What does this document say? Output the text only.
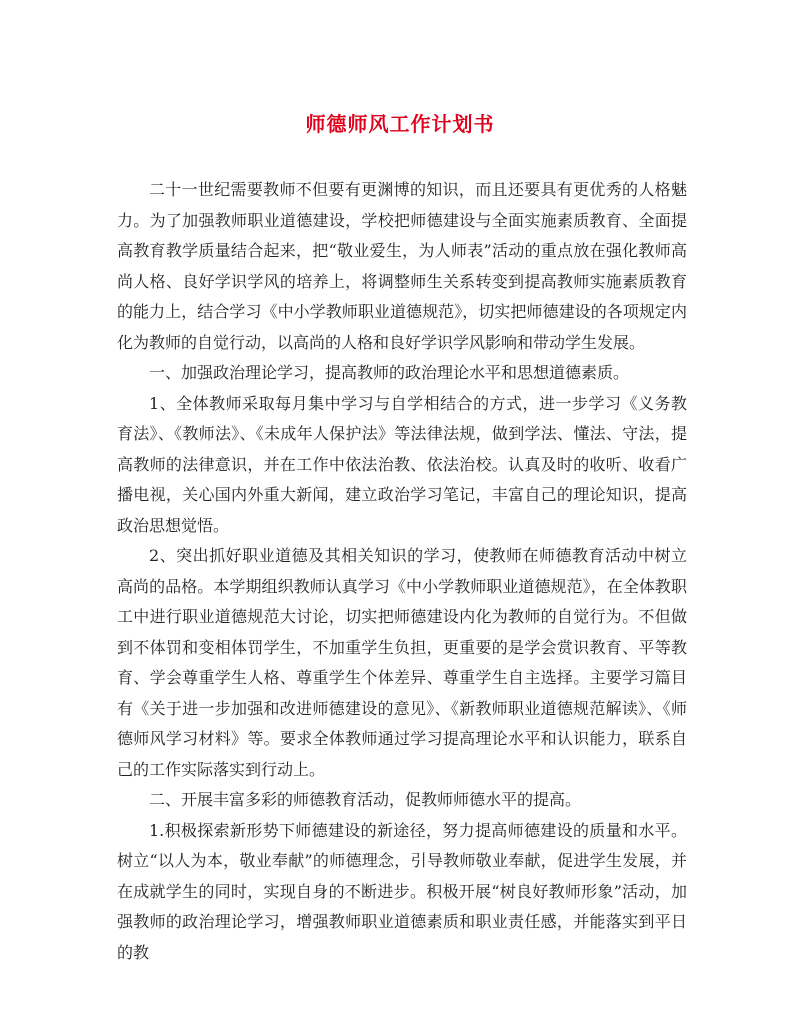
师德师风工作计划书

二十一世纪需要教师不但要有更渊博的知识，而且还要具有更优秀的人格魅力。为了加强教师职业道德建设，学校把师德建设与全面实施素质教育、全面提高教育教学质量结合起来，把“敬业爱生，为人师表”活动的重点放在强化教师高尚人格、良好学识学风的培养上，将调整师生关系转变到提高教师实施素质教育的能力上，结合学习《中小学教师职业道德规范》，切实把师德建设的各项规定内化为教师的自觉行动，以高尚的人格和良好学识学风影响和带动学生发展。

一、加强政治理论学习，提高教师的政治理论水平和思想道德素质。

1、全体教师采取每月集中学习与自学相结合的方式，进一步学习《义务教育法》、《教师法》、《未成年人保护法》等法律法规，做到学法、懂法、守法，提高教师的法律意识，并在工作中依法治教、依法治校。认真及时的收听、收看广播电视，关心国内外重大新闻，建立政治学习笔记，丰富自己的理论知识，提高政治思想觉悟。

2、突出抓好职业道德及其相关知识的学习，使教师在师德教育活动中树立高尚的品格。本学期组织教师认真学习《中小学教师职业道德规范》，在全体教职工中进行职业道德规范大讨论，切实把师德建设内化为教师的自觉行为。不但做到不体罚和变相体罚学生，不加重学生负担，更重要的是学会赏识教育、平等教育、学会尊重学生人格、尊重学生个体差异、尊重学生自主选择。主要学习篇目有《关于进一步加强和改进师德建设的意见》、《新教师职业道德规范解读》、《师德师风学习材料》等。要求全体教师通过学习提高理论水平和认识能力，联系自己的工作实际落实到行动上。

二、开展丰富多彩的师德教育活动，促教师师德水平的提高。

1.积极探索新形势下师德建设的新途径，努力提高师德建设的质量和水平。树立“以人为本，敬业奉献”的师德理念，引导教师敬业奉献，促进学生发展，并在成就学生的同时，实现自身的不断进步。积极开展“树良好教师形象”活动，加强教师的政治理论学习，增强教师职业道德素质和职业责任感，并能落实到平日的教
